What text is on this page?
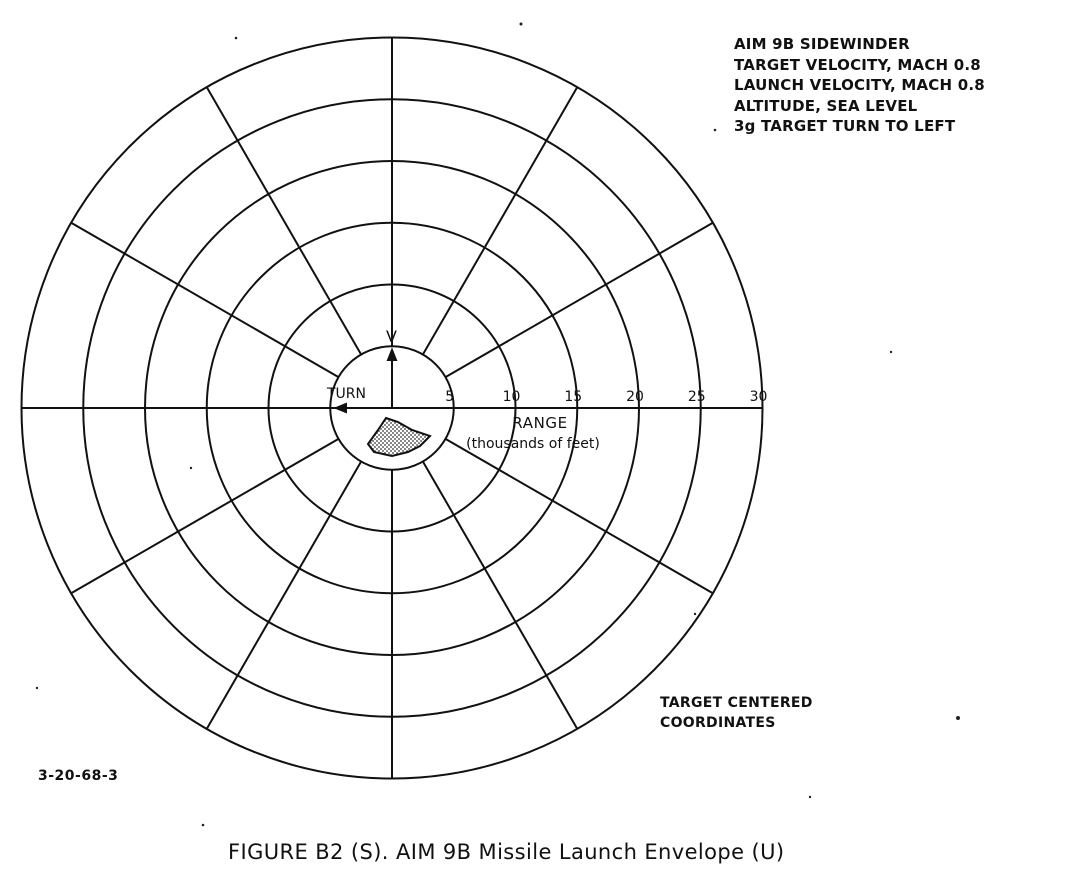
V
TURN	5	10	15	20	25	30
RANGE
(thousands of feet)
AIM 9B SIDEWINDER
TARGET VELOCITY, MACH 0.8
LAUNCH VELOCITY, MACH 0.8
ALTITUDE, SEA LEVEL
3g TARGET TURN TO LEFT
TARGET CENTERED
COORDINATES
3-20-68-3
FIGURE B2 (S). AIM 9B Missile Launch Envelope (U)
